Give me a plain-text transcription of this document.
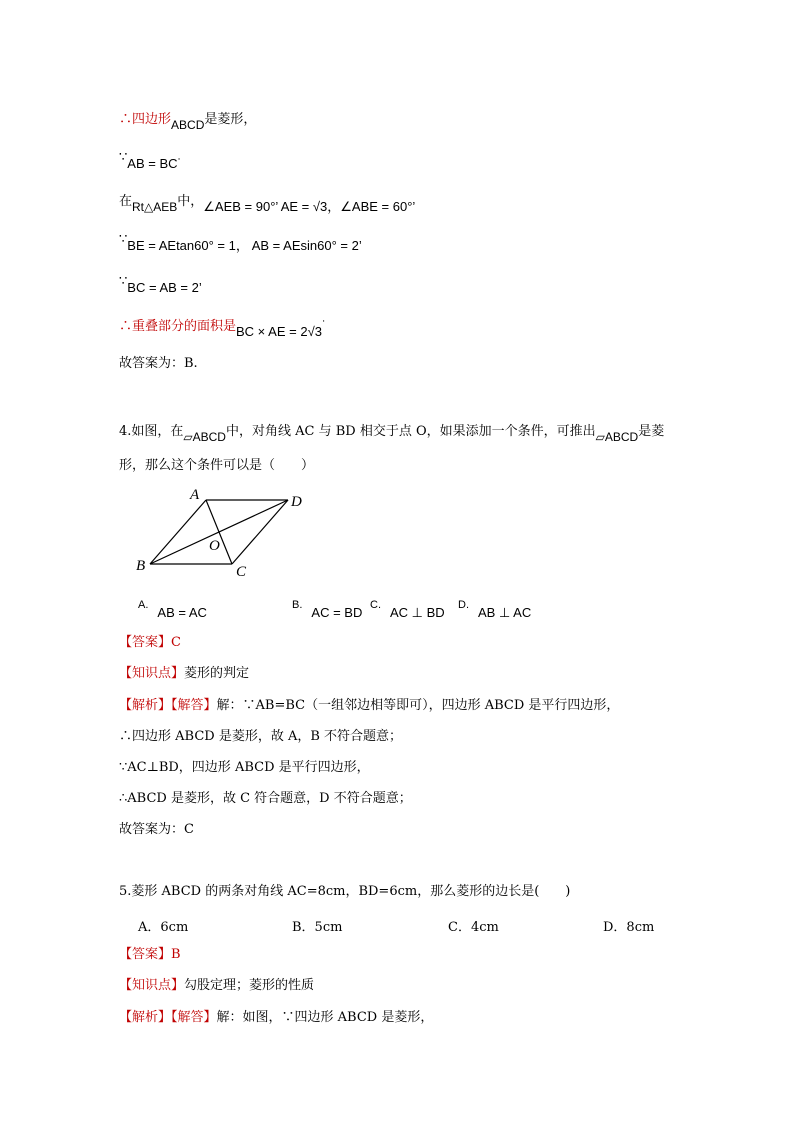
∴四边形ABCD是菱形，
∵AB = BC˙
在Rt△AEB中，∠AEB = 90°’ AE = √3，∠ABE = 60°’
∵BE = AEtan60° = 1， AB = AEsin60° = 2’
∵BC = AB = 2’
∴重叠部分的面积是BC × AE = 2√3˙
故答案为：B.
4.如图，在▱ABCD中，对角线 AC 与 BD 相交于点 O，如果添加一个条件，可推出▱ABCD是菱
形，那么这个条件可以是（　　）
A	D
B	C
O
A. AB = AC	B. AC = BD C. AC ⊥ BD D. AB ⊥ AC
【答案】C
【知识点】菱形的判定
【解析】【解答】解：∵AB=BC（一组邻边相等即可），四边形 ABCD 是平行四边形，
∴四边形 ABCD 是菱形，故 A，B 不符合题意；
∵AC⊥BD，四边形 ABCD 是平行四边形，
∴ABCD 是菱形，故 C 符合题意，D 不符合题意；
故答案为：C
5.菱形 ABCD 的两条对角线 AC=8cm，BD=6cm，那么菱形的边长是(　　)
A．6cm	B．5cm	C．4cm	D．8cm
【答案】B
【知识点】勾股定理；菱形的性质
【解析】【解答】解：如图，∵四边形 ABCD 是菱形，
